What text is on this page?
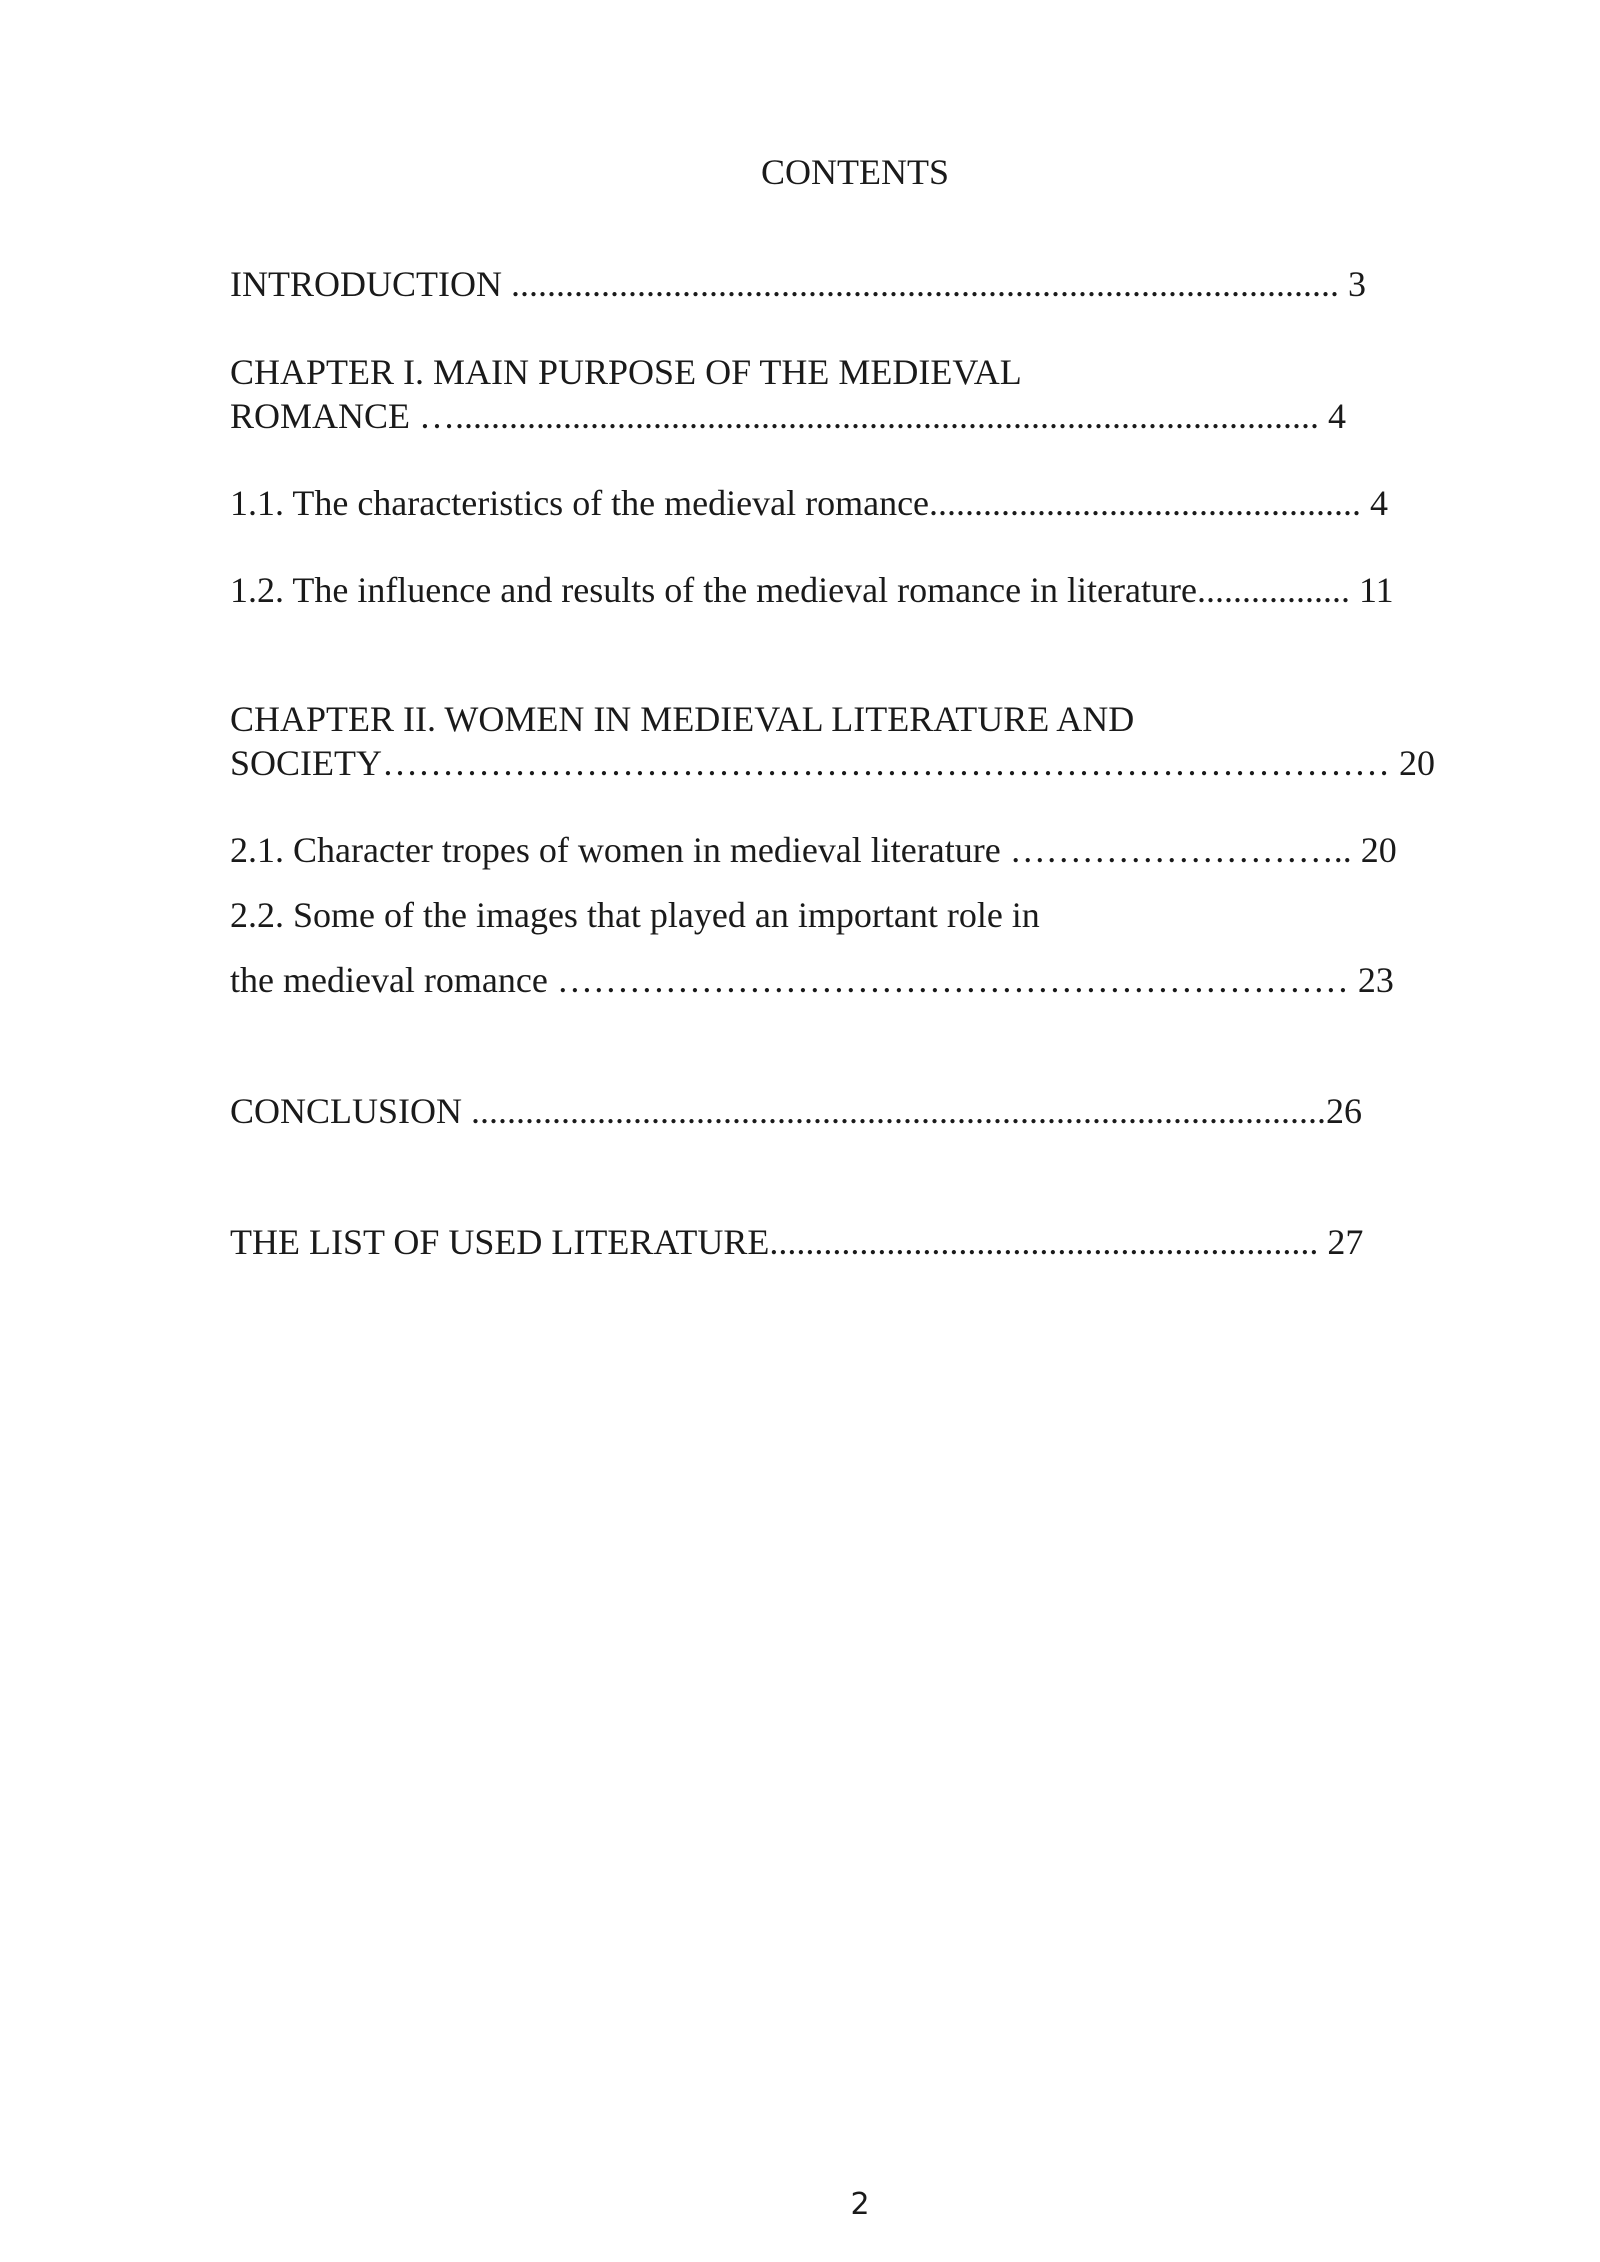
CONTENTS
INTRODUCTION ............................................................................................ 3
CHAPTER I. MAIN PURPOSE OF THE MEDIEVAL
ROMANCE …................................................................................................ 4
1.1. The characteristics of the medieval romance................................................ 4
1.2. The influence and results of the medieval romance in literature................. 11
CHAPTER II. WOMEN IN MEDIEVAL LITERATURE AND
SOCIETY………………………………………………………………………… 20
2.1. Character tropes of women in medieval literature ……………………….. 20
2.2. Some of the images that played an important role in
the medieval romance ………………………………………………………… 23
CONCLUSION ...............................................................................................26
THE LIST OF USED LITERATURE............................................................. 27
2
